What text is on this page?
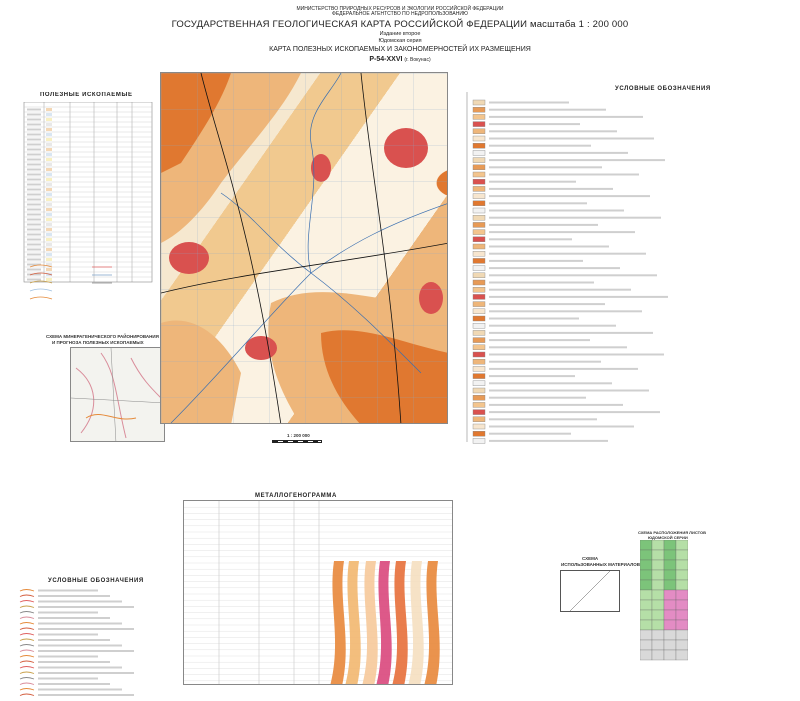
МИНИСТЕРСТВО ПРИРОДНЫХ РЕСУРСОВ И ЭКОЛОГИИ РОССИЙСКОЙ ФЕДЕРАЦИИ
ФЕДЕРАЛЬНОЕ АГЕНТСТВО ПО НЕДРОПОЛЬЗОВАНИЮ
ГОСУДАРСТВЕННАЯ ГЕОЛОГИЧЕСКАЯ КАРТА РОССИЙСКОЙ ФЕДЕРАЦИИ масштаба 1 : 200 000
Издание второе
Юдомская серия
КАРТА ПОЛЕЗНЫХ ИСКОПАЕМЫХ И ЗАКОНОМЕРНОСТЕЙ ИХ РАЗМЕЩЕНИЯ
P-54-XXVI (г. Вокунас)
ПОЛЕЗНЫЕ ИСКОПАЕМЫЕ
СХЕМА МИНЕРАГЕНИЧЕСКОГО РАЙОНИРОВАНИЯ
И ПРОГНОЗА ПОЛЕЗНЫХ ИСКОПАЕМЫХ
УСЛОВНЫЕ ОБОЗНАЧЕНИЯ
1 : 200 000
УСЛОВНЫЕ ОБОЗНАЧЕНИЯ
МЕТАЛЛОГЕНОГРАММА
СХЕМА
ИСПОЛЬЗОВАННЫХ МАТЕРИАЛОВ
СХЕМА РАСПОЛОЖЕНИЯ ЛИСТОВ
ЮДОМСКОЙ СЕРИИ
